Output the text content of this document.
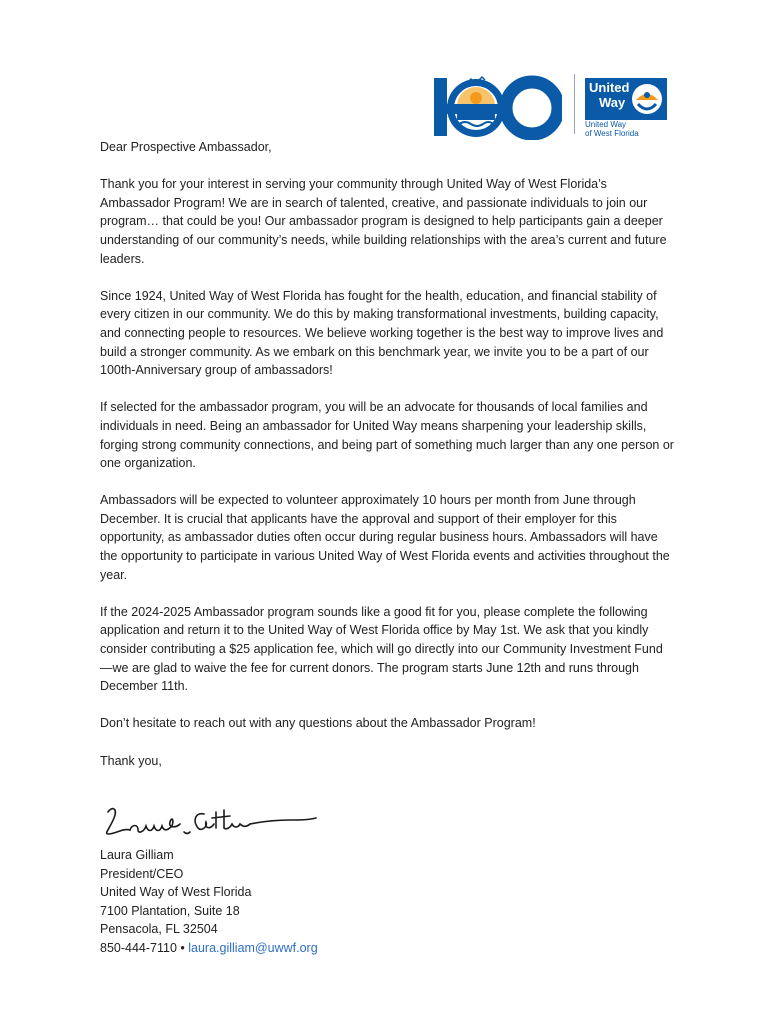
United
Way
United Way
of West Florida

Dear Prospective Ambassador,

Thank you for your interest in serving your community through United Way of West Florida’s Ambassador Program! We are in search of talented, creative, and passionate individuals to join our program… that could be you! Our ambassador program is designed to help participants gain a deeper understanding of our community’s needs, while building relationships with the area’s current and future leaders.

Since 1924, United Way of West Florida has fought for the health, education, and financial stability of every citizen in our community. We do this by making transformational investments, building capacity, and connecting people to resources. We believe working together is the best way to improve lives and build a stronger community. As we embark on this benchmark year, we invite you to be a part of our 100th-Anniversary group of ambassadors!

If selected for the ambassador program, you will be an advocate for thousands of local families and individuals in need. Being an ambassador for United Way means sharpening your leadership skills, forging strong community connections, and being part of something much larger than any one person or one organization.

Ambassadors will be expected to volunteer approximately 10 hours per month from June through December. It is crucial that applicants have the approval and support of their employer for this opportunity, as ambassador duties often occur during regular business hours. Ambassadors will have the opportunity to participate in various United Way of West Florida events and activities throughout the year.

If the 2024-2025 Ambassador program sounds like a good fit for you, please complete the following application and return it to the United Way of West Florida office by May 1st. We ask that you kindly consider contributing a $25 application fee, which will go directly into our Community Investment Fund—we are glad to waive the fee for current donors. The program starts June 12th and runs through December 11th.

Don’t hesitate to reach out with any questions about the Ambassador Program!

Thank you,

Laura Gilliam
President/CEO
United Way of West Florida
7100 Plantation, Suite 18
Pensacola, FL 32504
850-444-7110 • laura.gilliam@uwwf.org
